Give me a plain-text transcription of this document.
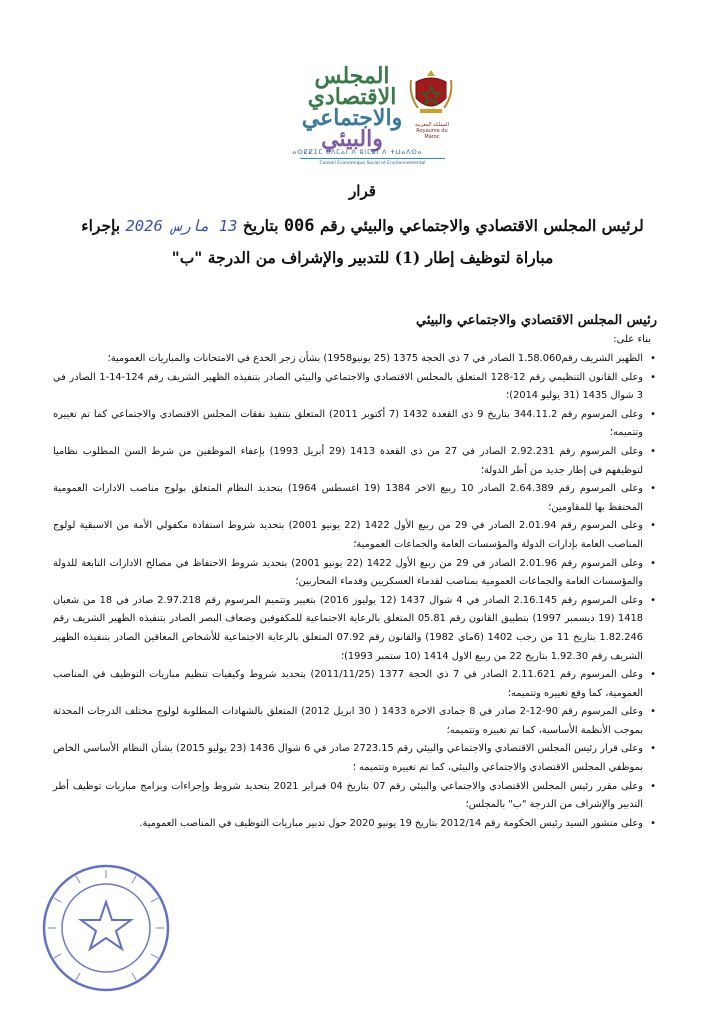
المملكة المغربية
Royaume du Maroc
المجلس
الاقتصادي
والاجتماعي
والبيئي
ⴰⵙⵇⵇⵉⵎ ⴰⴷⵎⴰⵏ ⴷ ⵓⵏⵎⵓⵏ ⴷ ⵜⵡⴰⴷⵙⴰ
Conseil Economique Social et Environnemental
قرار
لرئيس المجلس الاقتصادي والاجتماعي والبيئي رقم 006 بتاريخ 13 مارس 2026 بإجراء
مباراة لتوظيف إطار (1) للتدبير والإشراف من الدرجة "ب"
رئيس المجلس الاقتصادي والاجتماعي والبيئي
بناء على:
• الظهير الشريف رقم1.58.060 الصادر في 7 ذي الحجة 1375 (25 يونيو1958) بشأن زجر الخدع في الامتحانات والمباريات العمومية؛
• وعلى القانون التنظيمي رقم 12-128 المتعلق بالمجلس الاقتصادي والاجتماعي والبيئي الصادر بتنفيذه الظهير الشريف رقم 124-14-1 الصادر في 3 شوال 1435 (31 يوليو 2014)؛
• وعلى المرسوم رقم 344.11.2 بتاريخ 9 ذي القعدة 1432 (7 أكتوبر 2011) المتعلق بتنفيذ نفقات المجلس الاقتصادي والاجتماعي كما تم تغييره وتتميمه؛
• وعلى المرسوم رقم 2.92.231 الصادر في 27 من ذي القعدة 1413 (29 أبريل 1993) بإعفاء الموظفين من شرط السن المطلوب نظاميا لتوظيفهم في إطار جديد من أطر الدولة؛
• وعلى المرسوم رقم 2.64.389 الصادر 10 ربيع الاخر 1384 (19 اغسطس 1964) بتحديد النظام المتعلق بولوج مناصب الادارات العمومية المحتفظ بها للمقاومين؛
• وعلى المرسوم رقم 2.01.94 الصادر في 29 من ربيع الأول 1422 (22 يونيو 2001) بتحديد شروط استفادة مكفولي الأمة من الاسبقية لولوج المناصب العامة بإدارات الدولة والمؤسسات العامة والجماعات العمومية؛
• وعلى المرسوم رقم 2.01.96 الصادر في 29 من ربيع الأول 1422 (22 يونيو 2001) بتحديد شروط الاحتفاظ في مصالح الادارات التابعة للدولة والمؤسسات العامة والجماعات العمومية بمناصب لقدماء العسكريين وقدماء المحاربين؛
• وعلى المرسوم رقم 2.16.145 الصادر في 4 شوال 1437 (12 يوليوز 2016) بتغيير وتتميم المرسوم رقم 2.97.218 صادر في 18 من شعبان 1418 (19 ديسمبر 1997) بتطبيق القانون رقم 05.81 المتعلق بالرعاية الاجتماعية للمكفوفين وضعاف البصر الصادر بتنفيذه الظهير الشريف رقم 1.82.246 بتاريخ 11 من رجب 1402 (6ماي 1982) والقانون رقم 07.92 المتعلق بالرعاية الاجتماعية للأشخاص المعاقين الصادر بتنفيذه الظهير الشريف رقم 1.92.30 بتاريخ 22 من ربيع الاول 1414 (10 ستمبر 1993)؛
• وعلى المرسوم رقم 2.11.621 الصادر في 7 ذي الحجة 1377 (2011/11/25) بتحديد شروط وكيفيات تنظيم مباريات التوظيف في المناصب العمومية، كما وقع تغييره وتتميمه؛
• وعلى المرسوم رقم 90-12-2 صادر في 8 جمادى الاخرة 1433 ( 30 ابريل 2012) المتعلق بالشهادات المطلوبة لولوج مختلف الدرجات المحدثة بموجب الأنظمة الأساسية، كما تم تغييره وتتميمه؛
• وعلى قرار رئيس المجلس الاقتصادي والاجتماعي والبيئي رقم 2723.15 صادر في 6 شوال 1436 (23 يوليو 2015) بشأن النظام الأساسي الخاص بموظفي المجلس الاقتصادي والاجتماعي والبيئي، كما تم تغييره وتتميمه ؛
• وعلى مقرر رئيس المجلس الاقتصادي والاجتماعي والبيئي رقم 07 بتاريخ 04 فبراير 2021 بتحديد شروط وإجراءات وبرامج مباريات توظيف أطر التدبير والإشراف من الدرجة "ب" بالمجلس؛
• وعلى منشور السيد رئيس الحكومة رقم 2012/14 بتاريخ 19 يونيو 2020 حول تدبير مباريات التوظيف في المناصب العمومية.
